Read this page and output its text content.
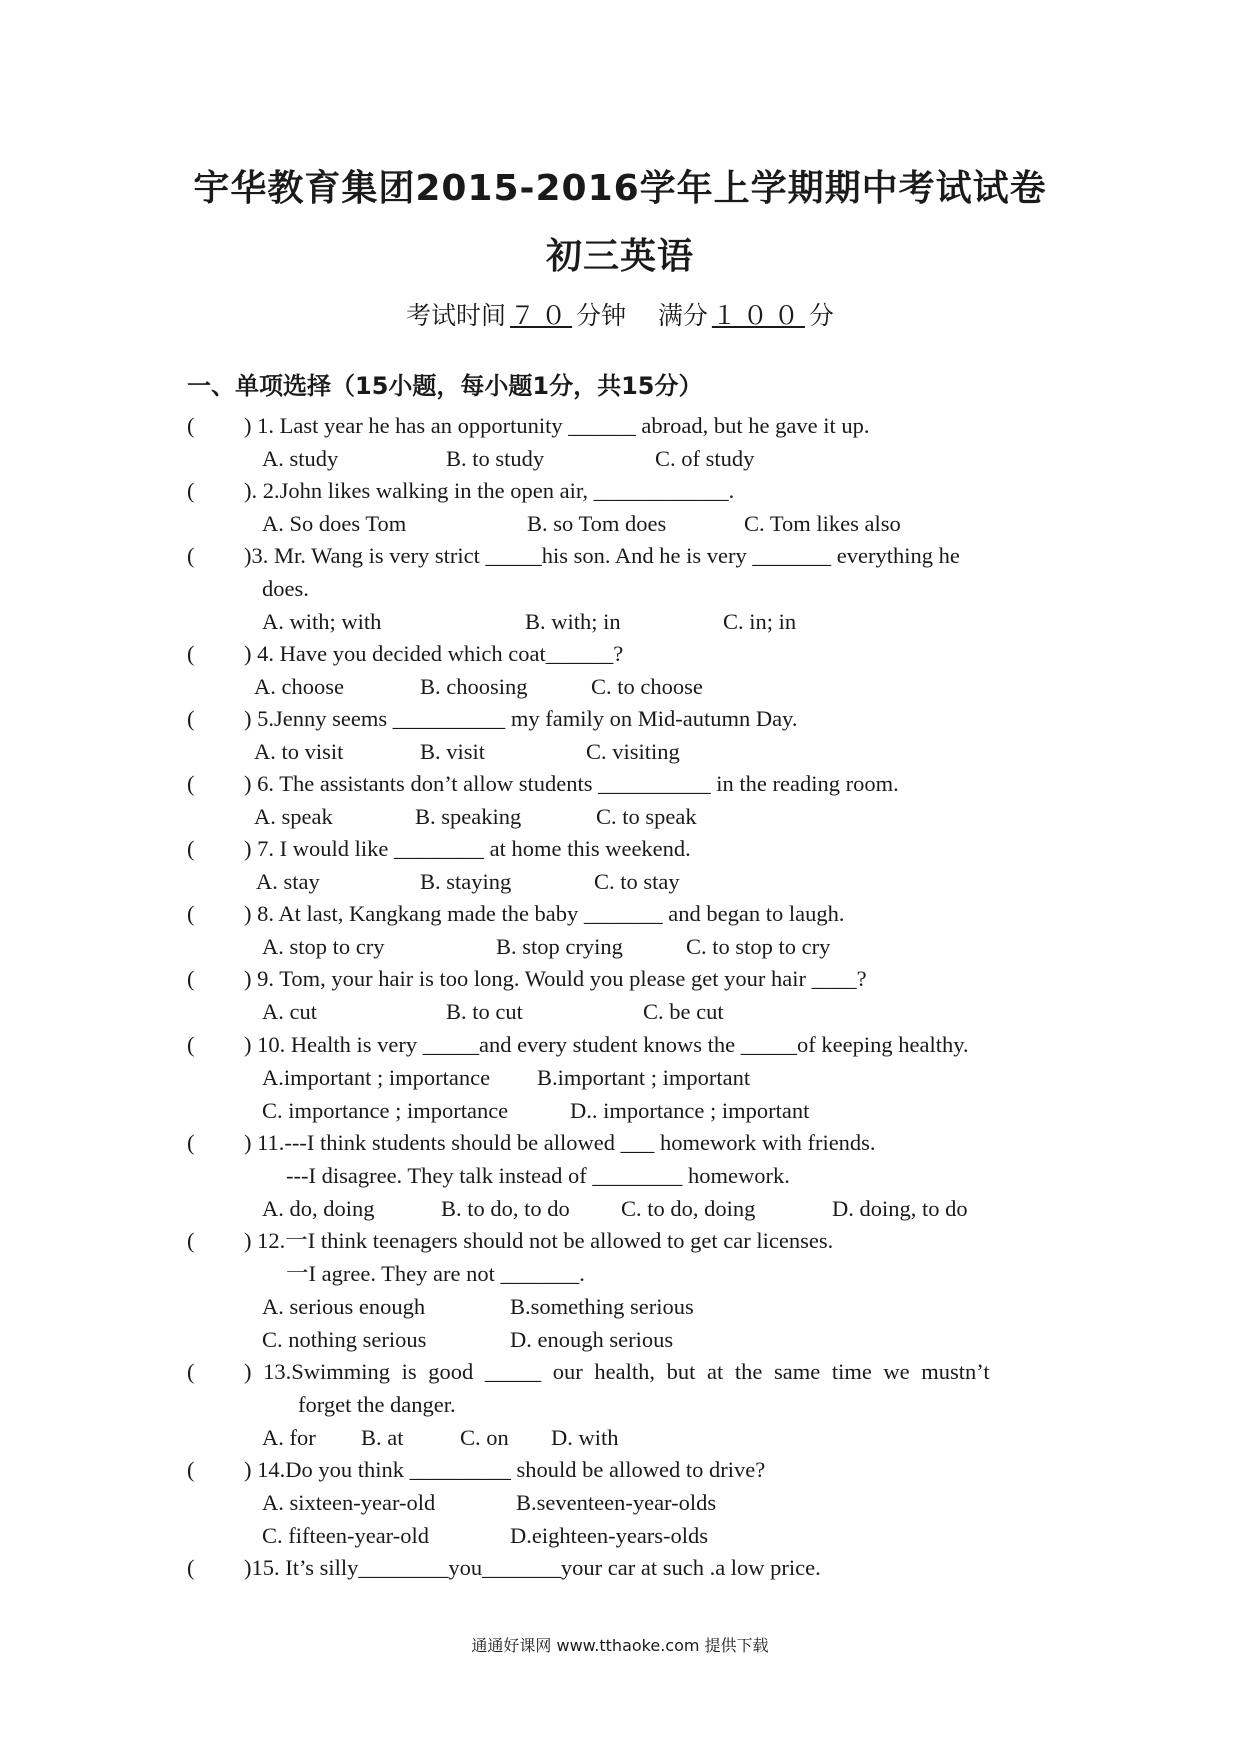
宇华教育集团2015-2016学年上学期期中考试试卷
初三英语
考试时间 ７０ 分钟 满分 １００ 分
一、单项选择（15小题，每小题1分，共15分）
( ) 1. Last year he has an opportunity ______ abroad, but he gave it up.
A. study	B. to study	C. of study
( ). 2.John likes walking in the open air, ____________.
A. So does Tom	B. so Tom does	C. Tom likes also
( )3. Mr. Wang is very strict _____his son. And he is very _______ everything he
does.
A. with; with	B. with; in	C. in; in
( ) 4. Have you decided which coat______?
A. choose	B. choosing	C. to choose
( ) 5.Jenny seems __________ my family on Mid-autumn Day.
A. to visit	B. visit	C. visiting
( ) 6. The assistants don’t allow students __________ in the reading room.
A. speak	B. speaking	C. to speak
( ) 7. I would like ________ at home this weekend.
A. stay	B. staying	C. to stay
( ) 8. At last, Kangkang made the baby _______ and began to laugh.
A. stop to cry	B. stop crying	C. to stop to cry
( ) 9. Tom, your hair is too long. Would you please get your hair ____?
A. cut	B. to cut	C. be cut
( ) 10. Health is very _____and every student knows the _____of keeping healthy.
A.important ; importance B.important ; important
C. importance ; importance	D.. importance ; important
( ) 11.---I think students should be allowed ___ homework with friends.
---I disagree. They talk instead of ________ homework.
A. do, doing	B. to do, to do C. to do, doing	D. doing, to do
( ) 12.一I think teenagers should not be allowed to get car licenses.
一I agree. They are not _______.
A. serious enough	B.something serious
C. nothing serious	D. enough serious
( ) 13.Swimming is good _____ our health, but at the same time we mustn’t
forget the danger.
A. for B. at	C. on D. with
( ) 14.Do you think _________ should be allowed to drive?
A. sixteen-year-old	B.seventeen-year-olds
C. fifteen-year-old	D.eighteen-years-olds
( )15. It’s silly________you_______your car at such .a low price.
通通好课网 www.tthaoke.com 提供下载
